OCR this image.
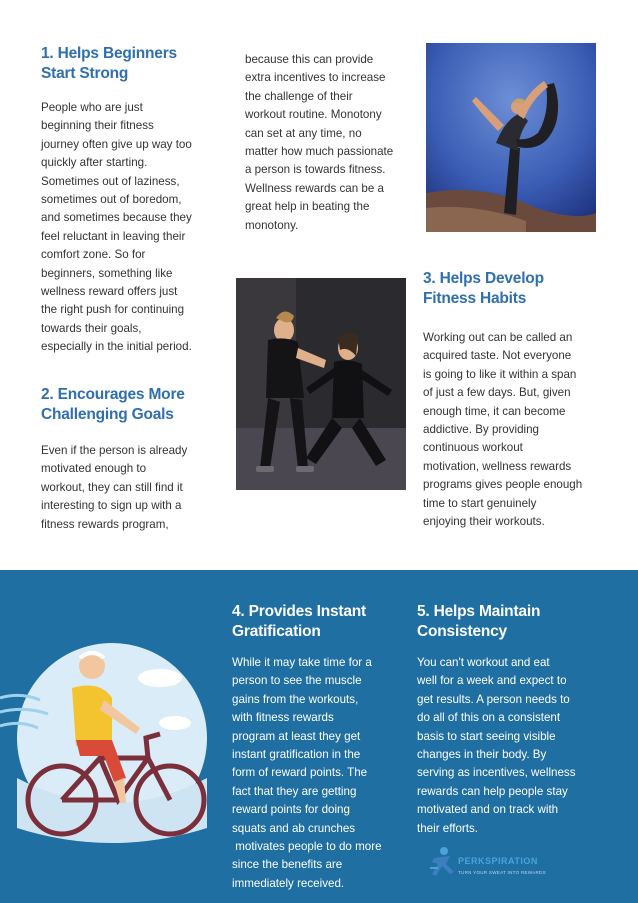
1. Helps Beginners
Start Strong

People who are just

beginning their fitness

journey often give up way too

quickly after starting.

Sometimes out of laziness,

sometimes out of boredom,

and sometimes because they

feel reluctant in leaving their

comfort zone. So for

beginners, something like

wellness reward offers just

the right push for continuing

towards their goals,

especially in the initial period.

2. Encourages More
Challenging Goals

Even if the person is already

motivated enough to

workout, they can still find it

interesting to sign up with a

fitness rewards program,

because this can provide

extra incentives to increase

the challenge of their

workout routine. Monotony

can set at any time, no

matter how much passionate

a person is towards fitness.

Wellness rewards can be a

great help in beating the

monotony.

3. Helps Develop
Fitness Habits

Working out can be called an

acquired taste. Not everyone

is going to like it within a span

of just a few days. But, given

enough time, it can become

addictive. By providing

continuous workout

motivation, wellness rewards

programs gives people enough

time to start genuinely

enjoying their workouts.

4. Provides Instant
Gratification

While it may take time for a

person to see the muscle

gains from the workouts,

with fitness rewards

program at least they get

instant gratification in the

form of reward points. The

fact that they are getting

reward points for doing

squats and ab crunches

motivates people to do more

since the benefits are

immediately received.

5. Helps Maintain
Consistency

You can't workout and eat

well for a week and expect to

get results. A person needs to

do all of this on a consistent

basis to start seeing visible

changes in their body. By

serving as incentives, wellness

rewards can help people stay

motivated and on track with

their efforts.

PERKSPIRATION
TURN YOUR SWEAT INTO REWARDS
